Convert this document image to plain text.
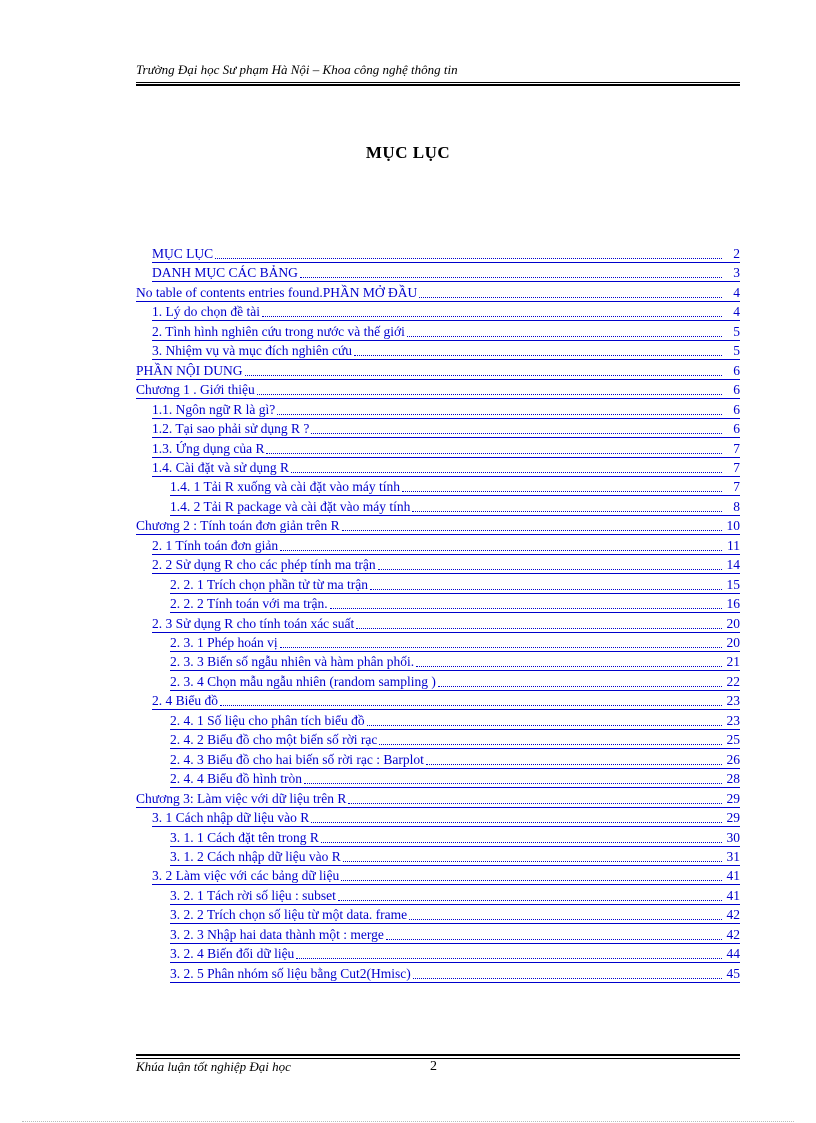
Trường Đại học Sư phạm Hà Nội – Khoa công nghệ thông tin
MỤC LỤC
MỤC LỤC	2
DANH MỤC CÁC BẢNG	3
No table of contents entries found.PHẦN MỞ ĐẦU	4
1. Lý do chọn đề tài	4
2. Tình hình nghiên cứu trong nước và thế giới	5
3. Nhiệm vụ và mục đích nghiên cứu	5
PHẦN NỘI DUNG	6
Chương 1 . Giới thiệu	6
1.1. Ngôn ngữ R là gì?	6
1.2. Tại sao phải sử dụng R ?	6
1.3. Ứng dụng của R	7
1.4. Cài đặt và sử dụng R	7
1.4. 1 Tải R xuống và cài đặt vào máy tính	7
1.4. 2 Tải R package và cài đặt vào máy tính	8
Chương 2 : Tính toán đơn giản trên R	10
2. 1 Tính toán đơn giản	11
2. 2 Sử dụng R cho các phép tính ma trận	14
2. 2. 1 Trích chọn phần tử từ ma trận	15
2. 2. 2 Tính toán với ma trận.	16
2. 3 Sử dụng R cho tính toán xác suất	20
2. 3. 1 Phép hoán vị	20
2. 3. 3 Biến số ngẫu nhiên và hàm phân phối.	21
2. 3. 4 Chọn mẫu ngẫu nhiên (random sampling )	22
2. 4 Biểu đồ	23
2. 4. 1 Số liệu cho phân tích biểu đồ	23
2. 4. 2 Biểu đồ cho một biến số rời rạc	25
2. 4. 3 Biểu đồ cho hai biến số rời rạc : Barplot	26
2. 4. 4 Biểu đồ hình tròn	28
Chương 3: Làm việc với dữ liệu trên R	29
3. 1 Cách nhập dữ liệu vào R	29
3. 1. 1 Cách đặt tên trong R	30
3. 1. 2 Cách nhập dữ liệu vào R	31
3. 2 Làm việc với các bảng dữ liệu	41
3. 2. 1 Tách rời số liệu : subset	41
3. 2. 2 Trích chọn số liệu từ một data. frame	42
3. 2. 3 Nhập hai data thành một : merge	42
3. 2. 4 Biến đổi dữ liệu	44
3. 2. 5 Phân nhóm số liệu bằng Cut2(Hmisc)	45
Khúa luận tốt nghiệp Đại học	2
